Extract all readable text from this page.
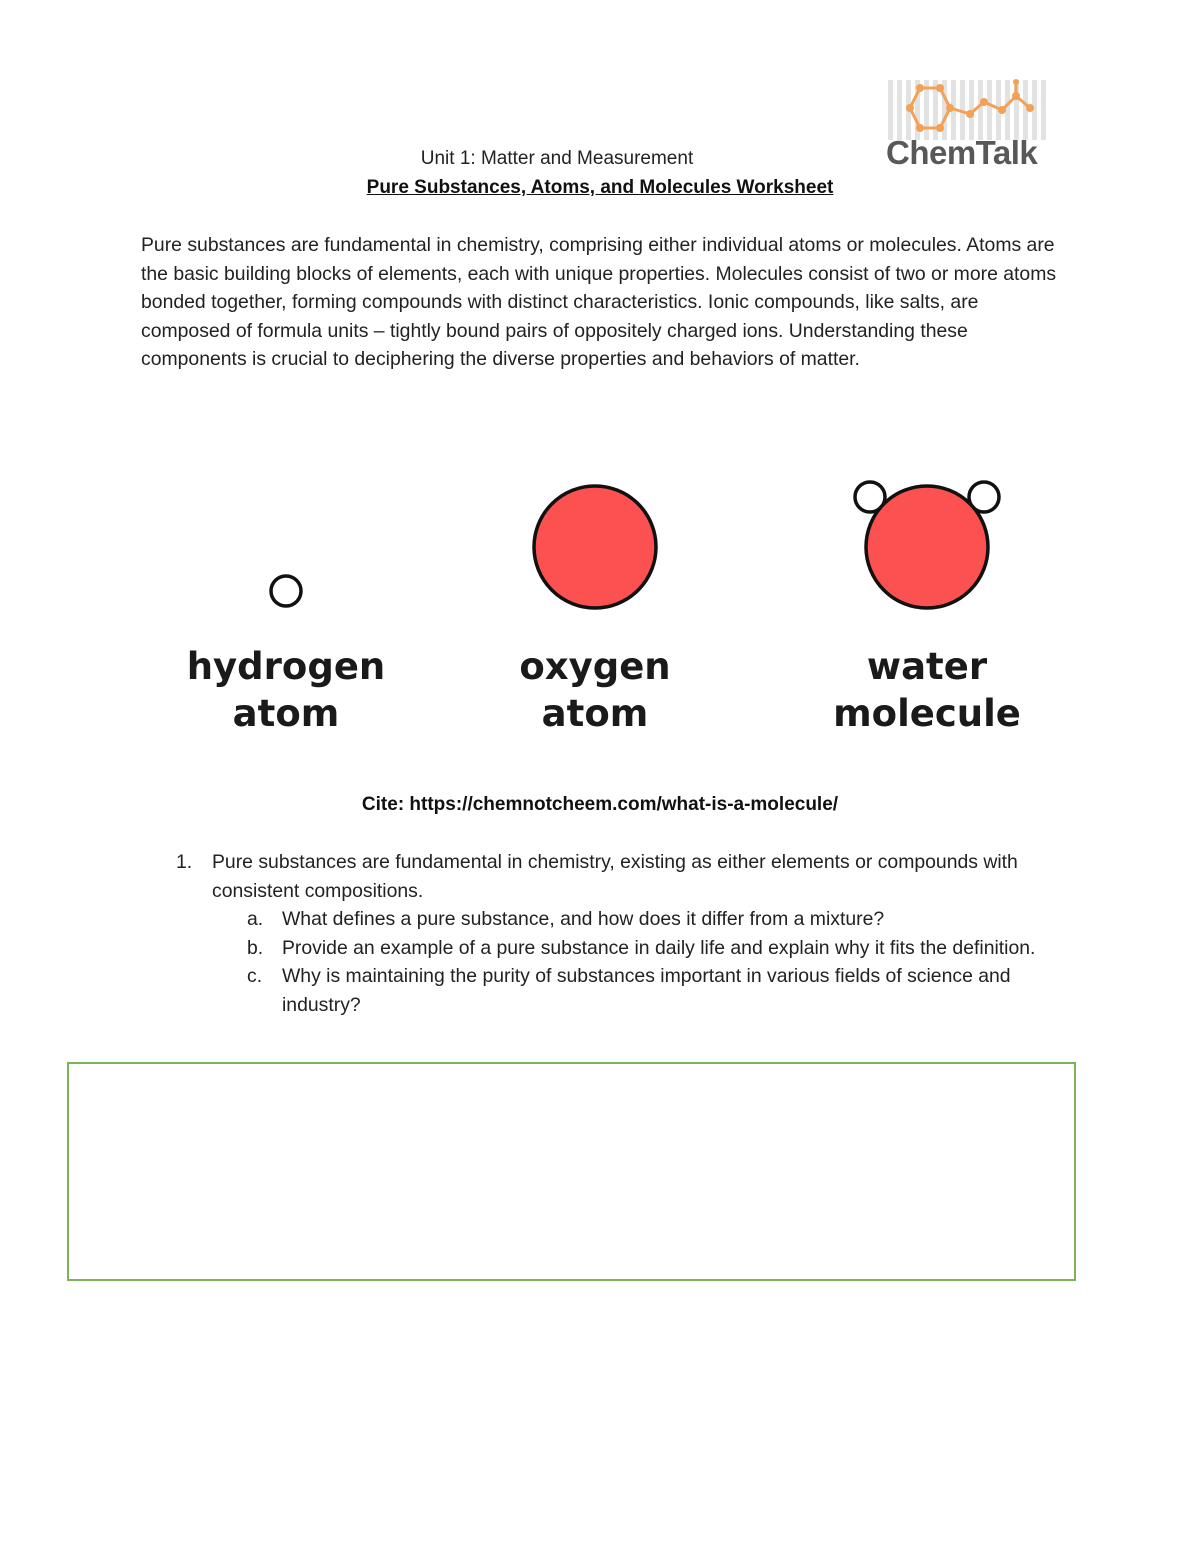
ChemTalk
Unit 1: Matter and Measurement
Pure Substances, Atoms, and Molecules Worksheet

Pure substances are fundamental in chemistry, comprising either individual atoms or molecules. Atoms are the basic building blocks of elements, each with unique properties. Molecules consist of two or more atoms bonded together, forming compounds with distinct characteristics. Ionic compounds, like salts, are composed of formula units – tightly bound pairs of oppositely charged ions. Understanding these components is crucial to deciphering the diverse properties and behaviors of matter.

hydrogen
atom
oxygen
atom
water
molecule
Cite: https://chemnotcheem.com/what-is-a-molecule/
1. Pure substances are fundamental in chemistry, existing as either elements or compounds with consistent compositions.
a. What defines a pure substance, and how does it differ from a mixture?
b. Provide an example of a pure substance in daily life and explain why it fits the definition.
c. Why is maintaining the purity of substances important in various fields of science and industry?
